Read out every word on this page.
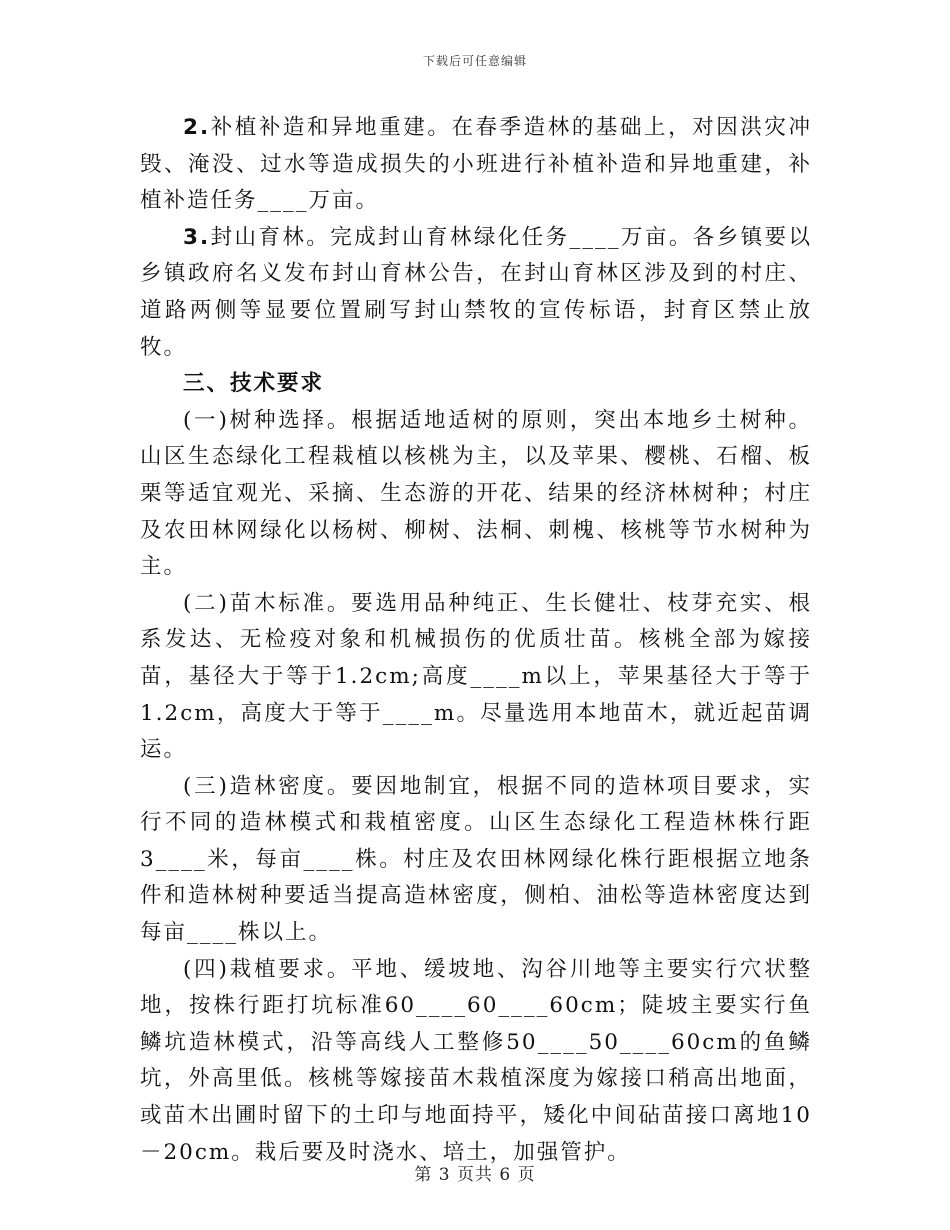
下载后可任意编辑

2.补植补造和异地重建。在春季造林的基础上，对因洪灾冲毁、淹没、过水等造成损失的小班进行补植补造和异地重建，补植补造任务____万亩。

3.封山育林。完成封山育林绿化任务____万亩。各乡镇要以乡镇政府名义发布封山育林公告，在封山育林区涉及到的村庄、道路两侧等显要位置刷写封山禁牧的宣传标语，封育区禁止放牧。

三、技术要求

(一)树种选择。根据适地适树的原则，突出本地乡土树种。山区生态绿化工程栽植以核桃为主，以及苹果、樱桃、石榴、板栗等适宜观光、采摘、生态游的开花、结果的经济林树种；村庄及农田林网绿化以杨树、柳树、法桐、刺槐、核桃等节水树种为主。

(二)苗木标准。要选用品种纯正、生长健壮、枝芽充实、根系发达、无检疫对象和机械损伤的优质壮苗。核桃全部为嫁接苗，基径大于等于1.2cm;高度____m以上，苹果基径大于等于1.2cm，高度大于等于____m。尽量选用本地苗木，就近起苗调运。

(三)造林密度。要因地制宜，根据不同的造林项目要求，实行不同的造林模式和栽植密度。山区生态绿化工程造林株行距3____米，每亩____株。村庄及农田林网绿化株行距根据立地条件和造林树种要适当提高造林密度，侧柏、油松等造林密度达到每亩____株以上。

(四)栽植要求。平地、缓坡地、沟谷川地等主要实行穴状整地，按株行距打坑标准60____60____60cm；陡坡主要实行鱼鳞坑造林模式，沿等高线人工整修50____50____60cm的鱼鳞坑，外高里低。核桃等嫁接苗木栽植深度为嫁接口稍高出地面，或苗木出圃时留下的土印与地面持平，矮化中间砧苗接口离地10－20cm。栽后要及时浇水、培土，加强管护。

第 3 页共 6 页
